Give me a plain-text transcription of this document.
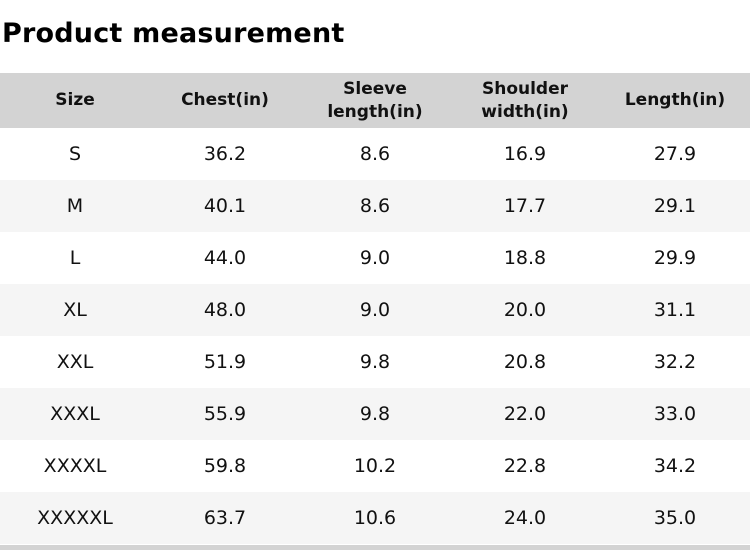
Product measurement
Size	Chest(in)	Sleeve length(in)	Shoulder width(in)	Length(in)
S	36.2	8.6	16.9	27.9
M	40.1	8.6	17.7	29.1
L	44.0	9.0	18.8	29.9
XL	48.0	9.0	20.0	31.1
XXL	51.9	9.8	20.8	32.2
XXXL	55.9	9.8	22.0	33.0
XXXXL	59.8	10.2	22.8	34.2
XXXXXL	63.7	10.6	24.0	35.0
